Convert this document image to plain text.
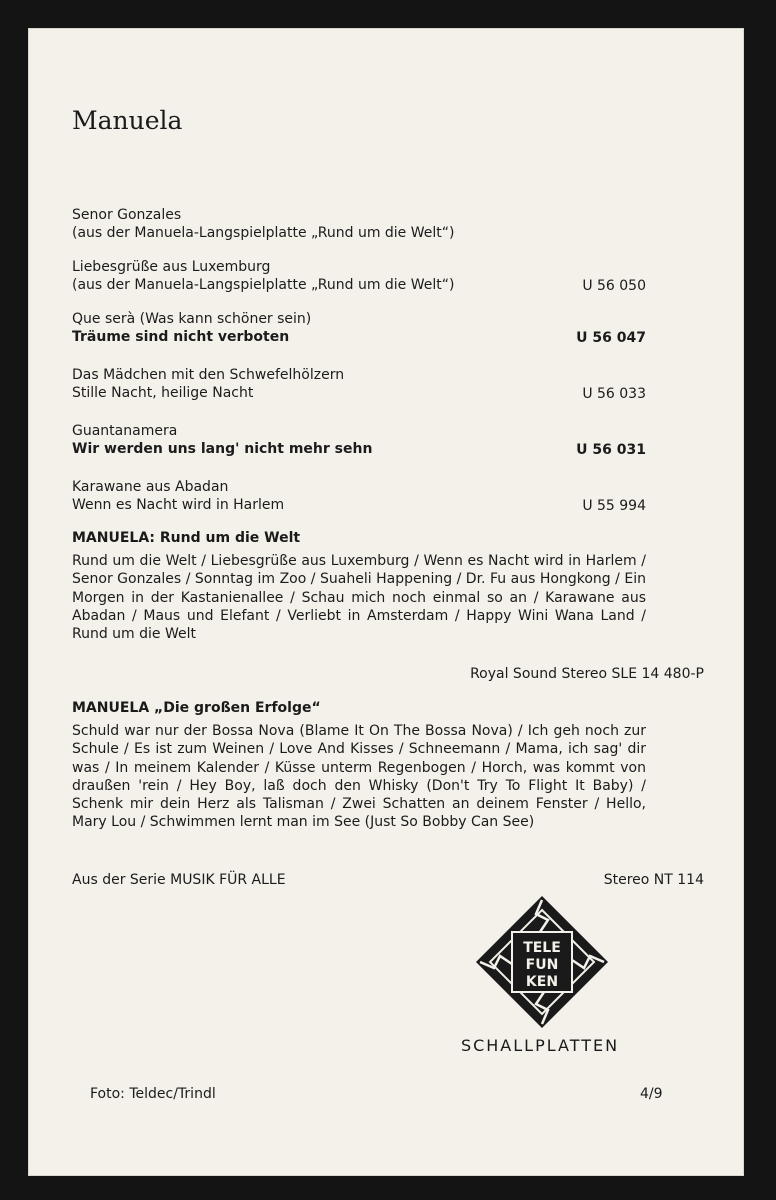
Manuela
Senor Gonzales
(aus der Manuela-Langspielplatte „Rund um die Welt“)
Liebesgrüße aus Luxemburg
(aus der Manuela-Langspielplatte „Rund um die Welt“)	U 56 050
Que serà (Was kann schöner sein)
Träume sind nicht verboten	U 56 047
Das Mädchen mit den Schwefelhölzern
Stille Nacht, heilige Nacht	U 56 033
Guantanamera
Wir werden uns lang' nicht mehr sehn	U 56 031
Karawane aus Abadan
Wenn es Nacht wird in Harlem	U 55 994
MANUELA: Rund um die Welt
Rund um die Welt / Liebesgrüße aus Luxemburg / Wenn es Nacht wird in Harlem / Senor Gonzales / Sonntag im Zoo / Suaheli Happening / Dr. Fu aus Hongkong / Ein Morgen in der Kastanienallee / Schau mich noch einmal so an / Karawane aus Abadan / Maus und Elefant / Verliebt in Amsterdam / Happy Wini Wana Land / Rund um die Welt
Royal Sound Stereo SLE 14 480-P
MANUELA „Die großen Erfolge“
Schuld war nur der Bossa Nova (Blame It On The Bossa Nova) / Ich geh noch zur Schule / Es ist zum Weinen / Love And Kisses / Schneemann / Mama, ich sag' dir was / In meinem Kalender / Küsse unterm Regenbogen / Horch, was kommt von draußen 'rein / Hey Boy, laß doch den Whisky (Don't Try To Flight It Baby) / Schenk mir dein Herz als Talisman / Zwei Schatten an deinem Fenster / Hello, Mary Lou / Schwimmen lernt man im See (Just So Bobby Can See)
Aus der Serie MUSIK FÜR ALLE	Stereo NT 114
TELE
FUN
KEN
SCHALLPLATTEN
Foto: Teldec/Trindl	4/9
